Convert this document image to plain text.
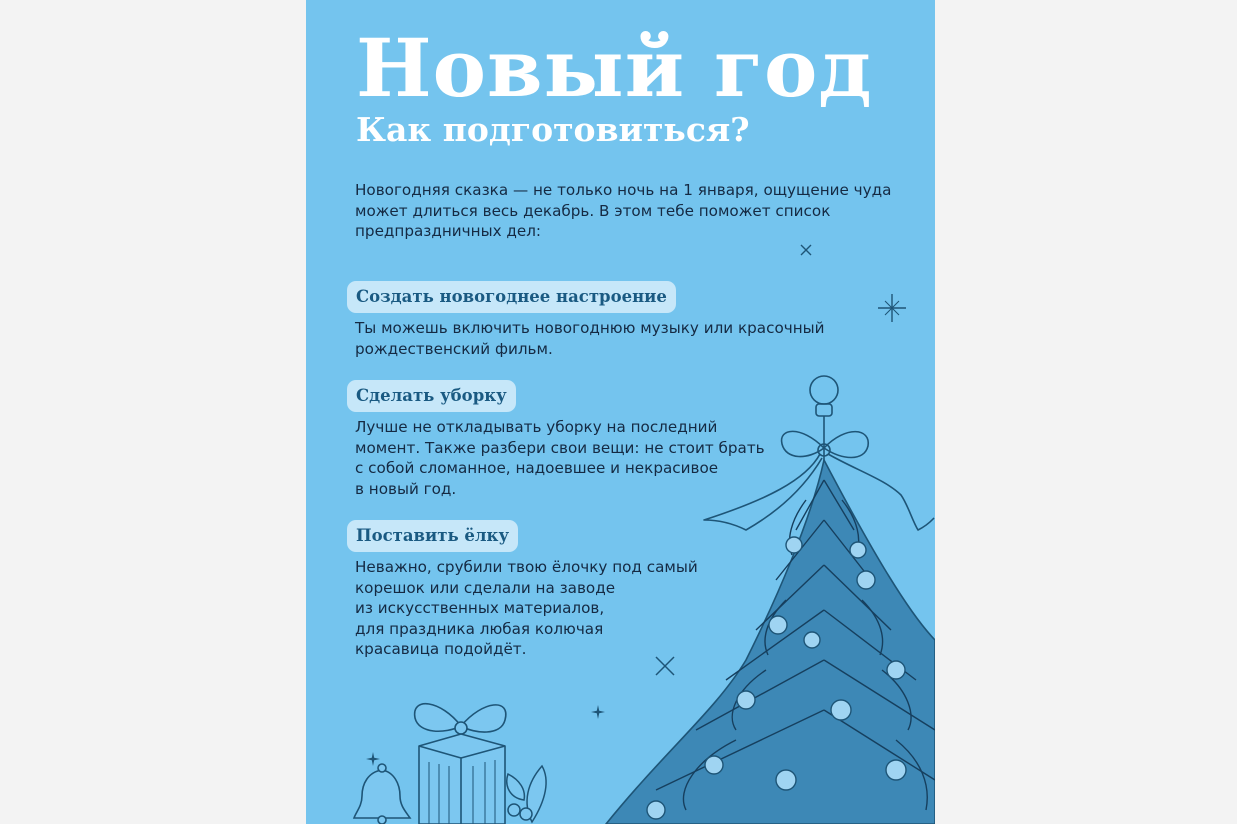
Новый год
Как подготовиться?

Новогодняя сказка — не только ночь на 1 января, ощущение чуда может длиться весь декабрь. В этом тебе поможет список предпраздничных дел:

Создать новогоднее настроение
Ты можешь включить новогоднюю музыку или красочный
рождественский фильм.
Сделать уборку
Лучше не откладывать уборку на последний
момент. Также разбери свои вещи: не стоит брать
с собой сломанное, надоевшее и некрасивое
в новый год.
Поставить ёлку
Неважно, срубили твою ёлочку под самый
корешок или сделали на заводе
из искусственных материалов,
для праздника любая колючая
красавица подойдёт.
